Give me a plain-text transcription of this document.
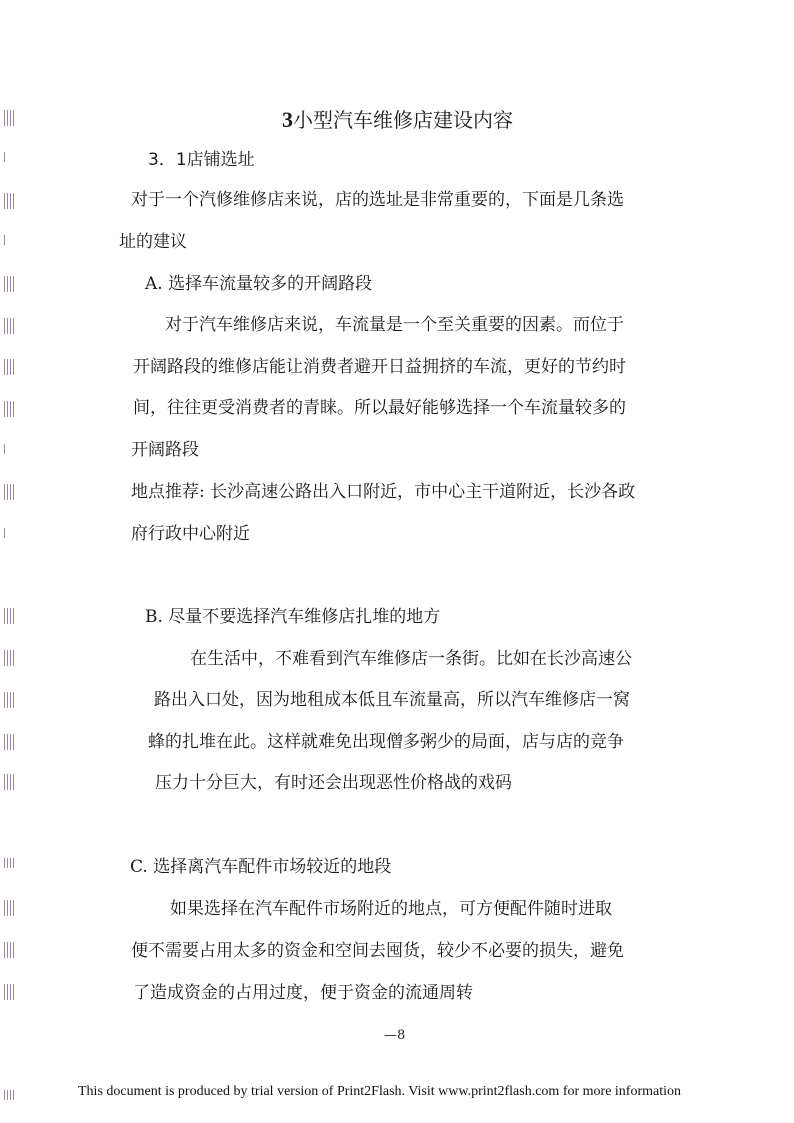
3小型汽车维修店建设内容
3．1店铺选址
对于一个汽修维修店来说，店的选址是非常重要的，下面是几条选
址的建议
A. 选择车流量较多的开阔路段
对于汽车维修店来说，车流量是一个至关重要的因素。而位于
开阔路段的维修店能让消费者避开日益拥挤的车流，更好的节约时
间，往往更受消费者的青睐。所以最好能够选择一个车流量较多的
开阔路段
地点推荐: 长沙高速公路出入口附近，市中心主干道附近，长沙各政
府行政中心附近
B. 尽量不要选择汽车维修店扎堆的地方
在生活中，不难看到汽车维修店一条街。比如在长沙高速公
路出入口处，因为地租成本低且车流量高，所以汽车维修店一窝
蜂的扎堆在此。这样就难免出现僧多粥少的局面，店与店的竞争
压力十分巨大，有时还会出现恶性价格战的戏码
C. 选择离汽车配件市场较近的地段
如果选择在汽车配件市场附近的地点，可方便配件随时进取
便不需要占用太多的资金和空间去囤货，较少不必要的损失，避免
了造成资金的占用过度，便于资金的流通周转
—8
This document is produced by trial version of Print2Flash. Visit www.print2flash.com for more information
